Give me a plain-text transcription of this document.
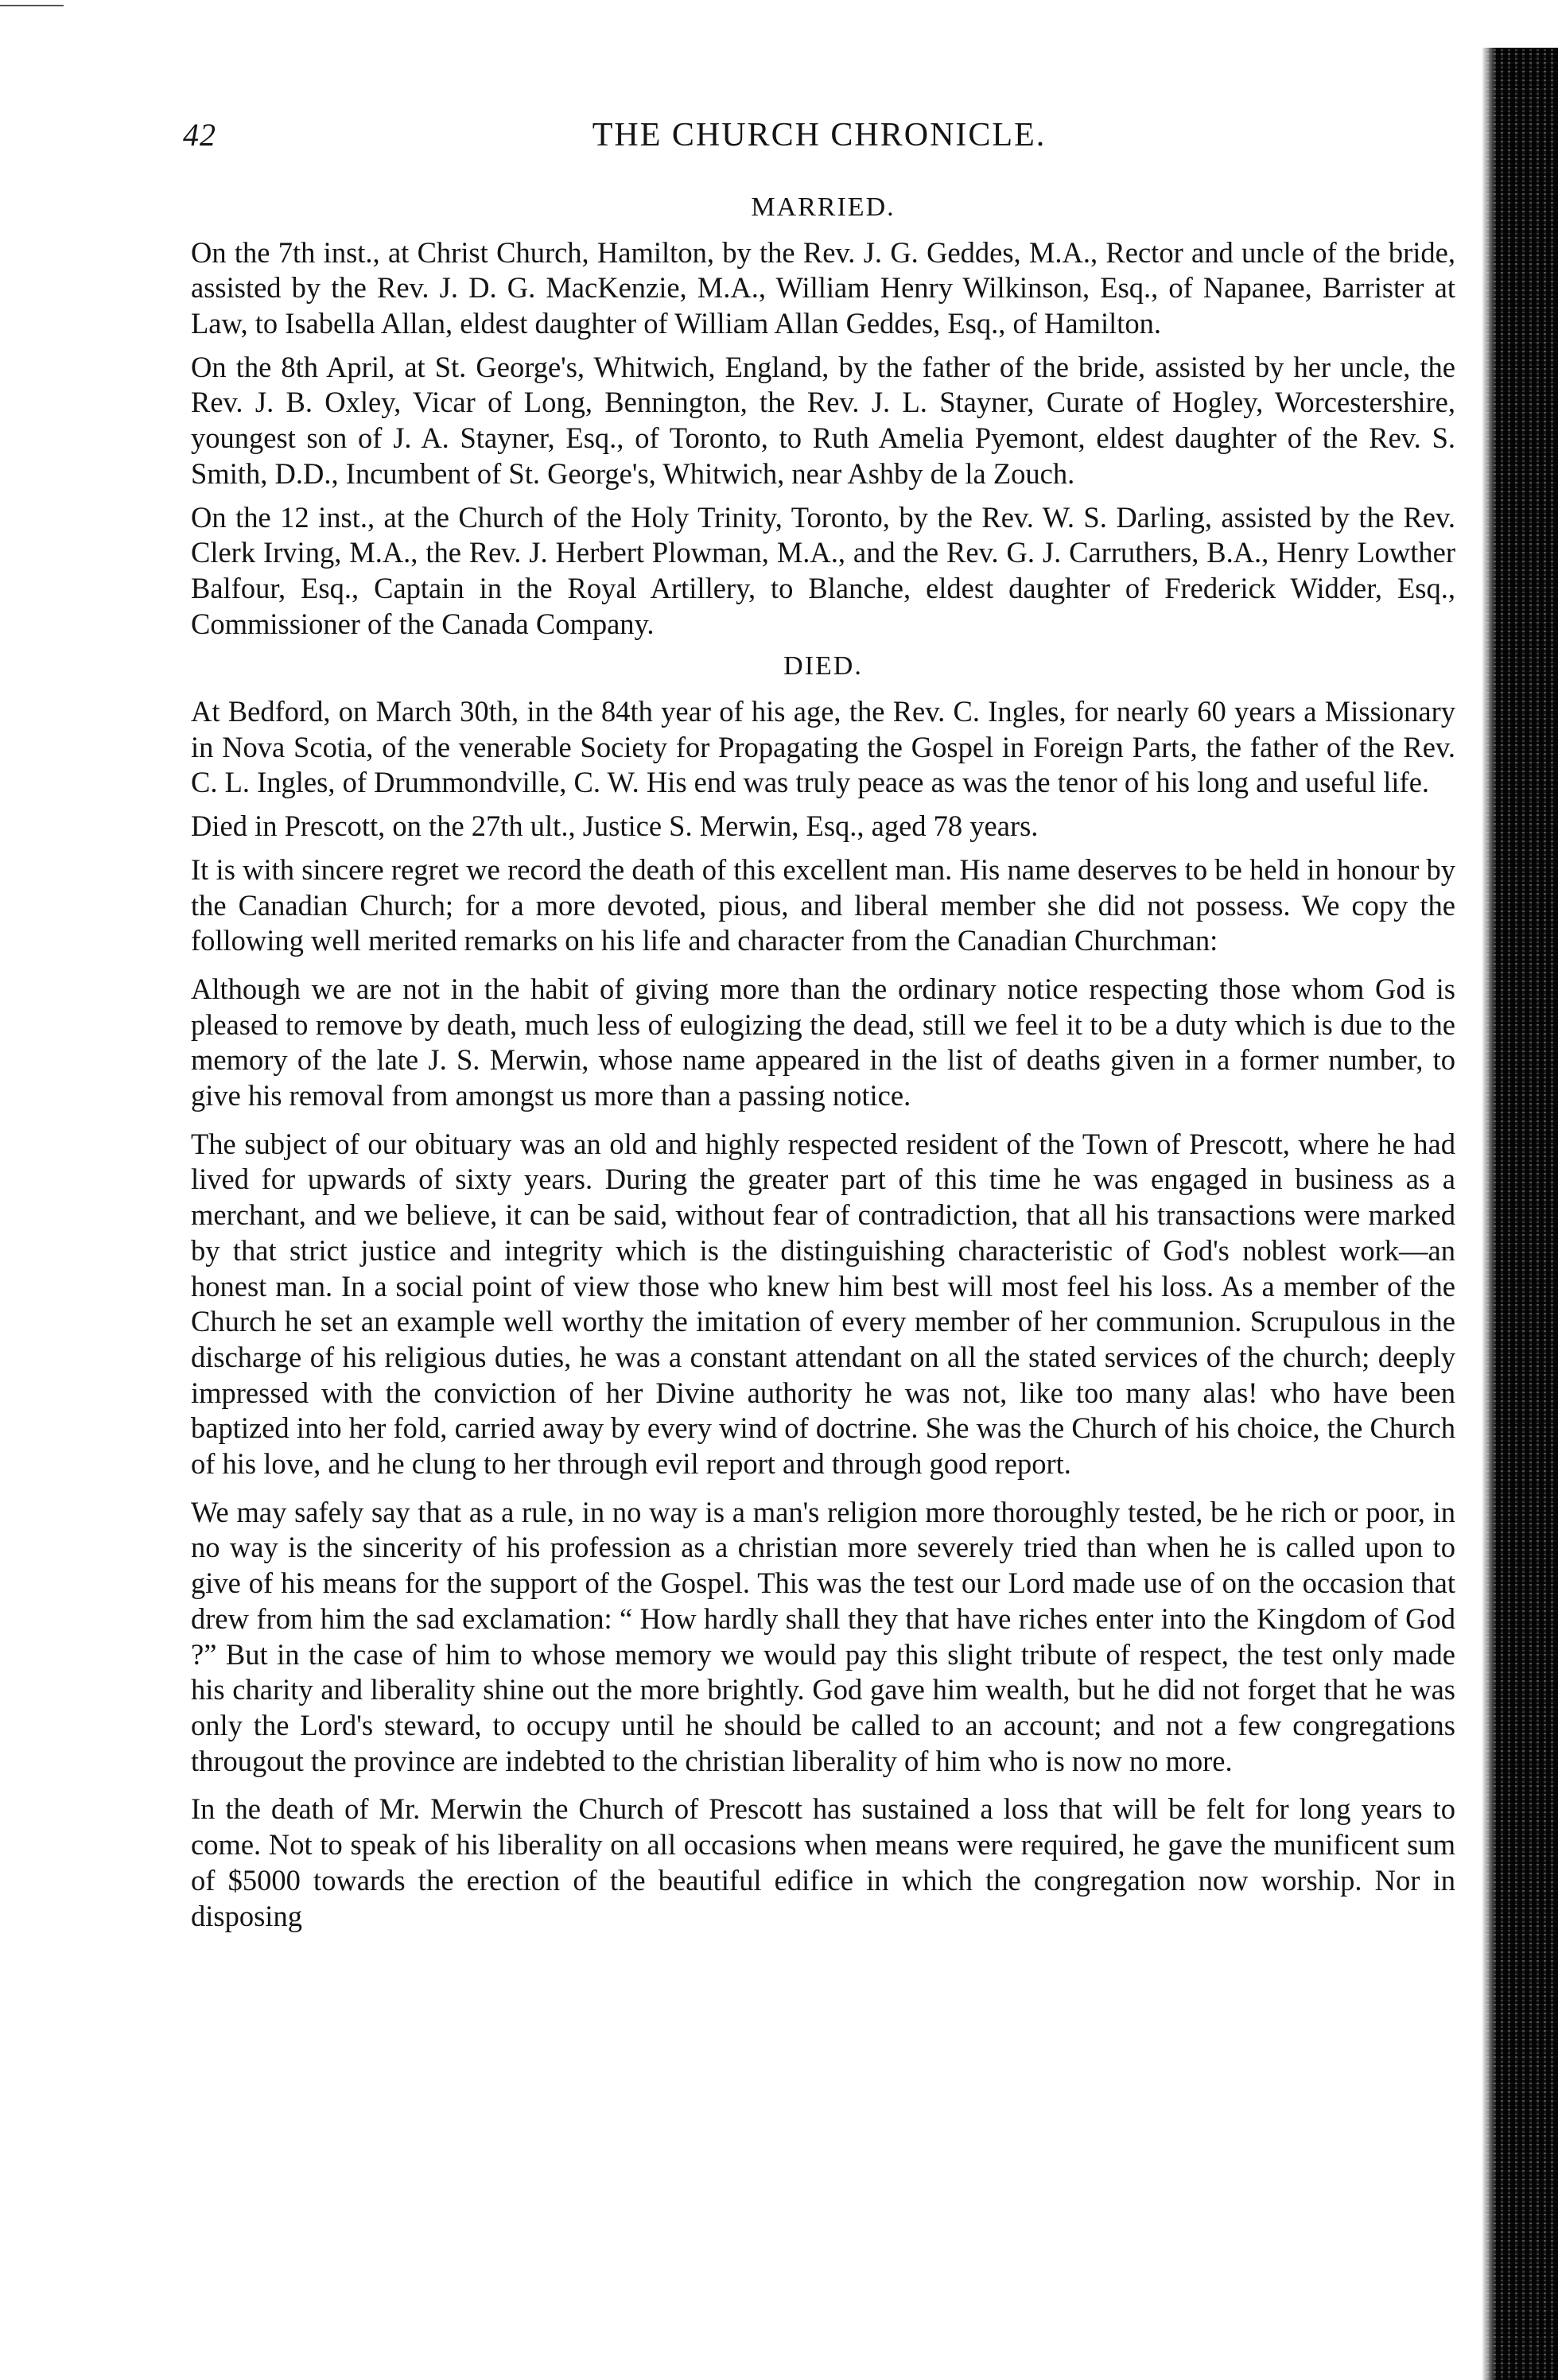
42	THE CHURCH CHRONICLE.
MARRIED.

On the 7th inst., at Christ Church, Hamilton, by the Rev. J. G. Geddes, M.A., Rector and uncle of the bride, assisted by the Rev. J. D. G. MacKenzie, M.A., William Henry Wilkinson, Esq., of Napanee, Barrister at Law, to Isabella Allan, eldest daughter of William Allan Geddes, Esq., of Hamilton.

On the 8th April, at St. George's, Whitwich, England, by the father of the bride, assisted by her uncle, the Rev. J. B. Oxley, Vicar of Long, Bennington, the Rev. J. L. Stayner, Curate of Hogley, Worcestershire, youngest son of J. A. Stayner, Esq., of Toronto, to Ruth Amelia Pyemont, eldest daughter of the Rev. S. Smith, D.D., Incumbent of St. George's, Whitwich, near Ashby de la Zouch.

On the 12 inst., at the Church of the Holy Trinity, Toronto, by the Rev. W. S. Darling, assisted by the Rev. Clerk Irving, M.A., the Rev. J. Herbert Plowman, M.A., and the Rev. G. J. Carruthers, B.A., Henry Lowther Balfour, Esq., Captain in the Royal Artillery, to Blanche, eldest daughter of Frederick Widder, Esq., Commissioner of the Canada Company.

DIED.

At Bedford, on March 30th, in the 84th year of his age, the Rev. C. Ingles, for nearly 60 years a Missionary in Nova Scotia, of the venerable Society for Propagating the Gospel in Foreign Parts, the father of the Rev. C. L. Ingles, of Drummondville, C. W. His end was truly peace as was the tenor of his long and useful life.

Died in Prescott, on the 27th ult., Justice S. Merwin, Esq., aged 78 years.

It is with sincere regret we record the death of this excellent man. His name deserves to be held in honour by the Canadian Church; for a more devoted, pious, and liberal member she did not possess. We copy the following well merited remarks on his life and character from the Canadian Churchman:

Although we are not in the habit of giving more than the ordinary notice respecting those whom God is pleased to remove by death, much less of eulogizing the dead, still we feel it to be a duty which is due to the memory of the late J. S. Merwin, whose name appeared in the list of deaths given in a former number, to give his removal from amongst us more than a passing notice.

The subject of our obituary was an old and highly respected resident of the Town of Prescott, where he had lived for upwards of sixty years. During the greater part of this time he was engaged in business as a merchant, and we believe, it can be said, without fear of contradiction, that all his transactions were marked by that strict justice and integrity which is the distinguishing characteristic of God's noblest work—an honest man. In a social point of view those who knew him best will most feel his loss. As a member of the Church he set an example well worthy the imitation of every member of her communion. Scrupulous in the discharge of his religious duties, he was a constant attendant on all the stated services of the church; deeply impressed with the conviction of her Divine authority he was not, like too many alas! who have been baptized into her fold, carried away by every wind of doctrine. She was the Church of his choice, the Church of his love, and he clung to her through evil report and through good report.

We may safely say that as a rule, in no way is a man's religion more thoroughly tested, be he rich or poor, in no way is the sincerity of his profession as a christian more severely tried than when he is called upon to give of his means for the support of the Gospel. This was the test our Lord made use of on the occasion that drew from him the sad exclamation: “ How hardly shall they that have riches enter into the Kingdom of God ?” But in the case of him to whose memory we would pay this slight tribute of respect, the test only made his charity and liberality shine out the more brightly. God gave him wealth, but he did not forget that he was only the Lord's steward, to occupy until he should be called to an account; and not a few congregations througout the province are indebted to the christian liberality of him who is now no more.

In the death of Mr. Merwin the Church of Prescott has sustained a loss that will be felt for long years to come. Not to speak of his liberality on all occasions when means were required, he gave the munificent sum of $5000 towards the erection of the beautiful edifice in which the congregation now worship. Nor in disposing
